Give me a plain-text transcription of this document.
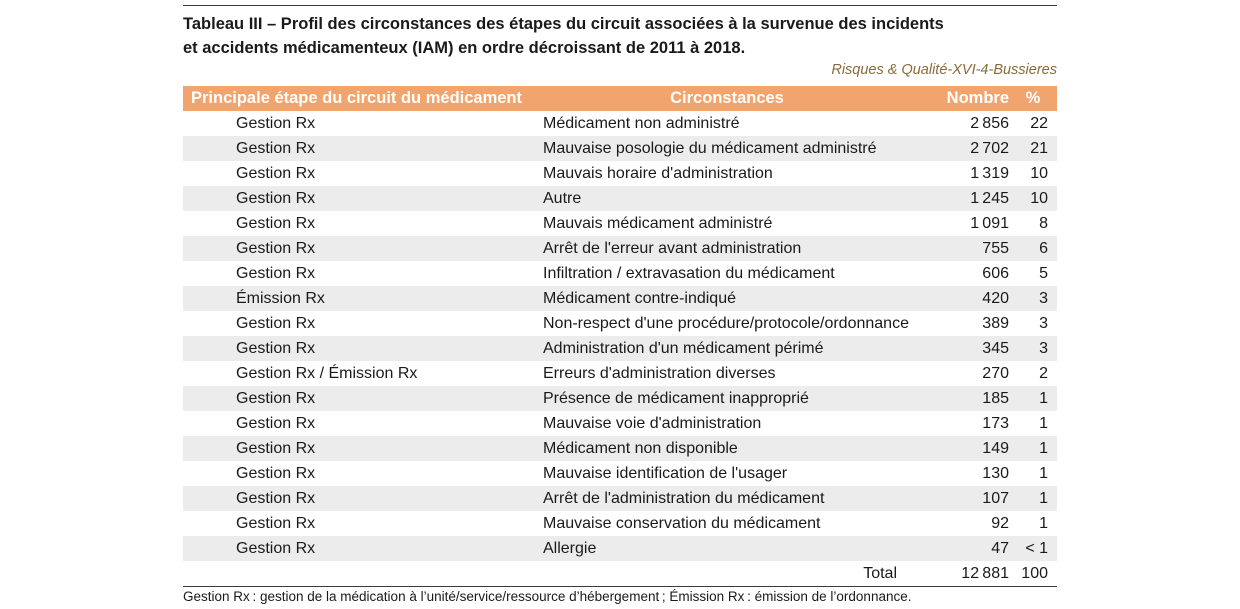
Tableau III – Profil des circonstances des étapes du circuit associées à la survenue des incidents
et accidents médicamenteux (IAM) en ordre décroissant de 2011 à 2018.
Risques & Qualité-XVI-4-Bussieres
Principale étape du circuit du médicament	Circonstances	Nombre	%
Gestion Rx	Médicament non administré	2 856	22
Gestion Rx	Mauvaise posologie du médicament administré	2 702	21
Gestion Rx	Mauvais horaire d'administration	1 319	10
Gestion Rx	Autre	1 245	10
Gestion Rx	Mauvais médicament administré	1 091	8
Gestion Rx	Arrêt de l'erreur avant administration	755	6
Gestion Rx	Infiltration / extravasation du médicament	606	5
Émission Rx	Médicament contre-indiqué	420	3
Gestion Rx	Non-respect d'une procédure/protocole/ordonnance	389	3
Gestion Rx	Administration d'un médicament périmé	345	3
Gestion Rx / Émission Rx	Erreurs d'administration diverses	270	2
Gestion Rx	Présence de médicament inapproprié	185	1
Gestion Rx	Mauvaise voie d'administration	173	1
Gestion Rx	Médicament non disponible	149	1
Gestion Rx	Mauvaise identification de l'usager	130	1
Gestion Rx	Arrêt de l'administration du médicament	107	1
Gestion Rx	Mauvaise conservation du médicament	92	1
Gestion Rx	Allergie	47	< 1
	Total	12 881	100
Gestion Rx : gestion de la médication à l’unité/service/ressource d’hébergement ; Émission Rx : émission de l’ordonnance.
